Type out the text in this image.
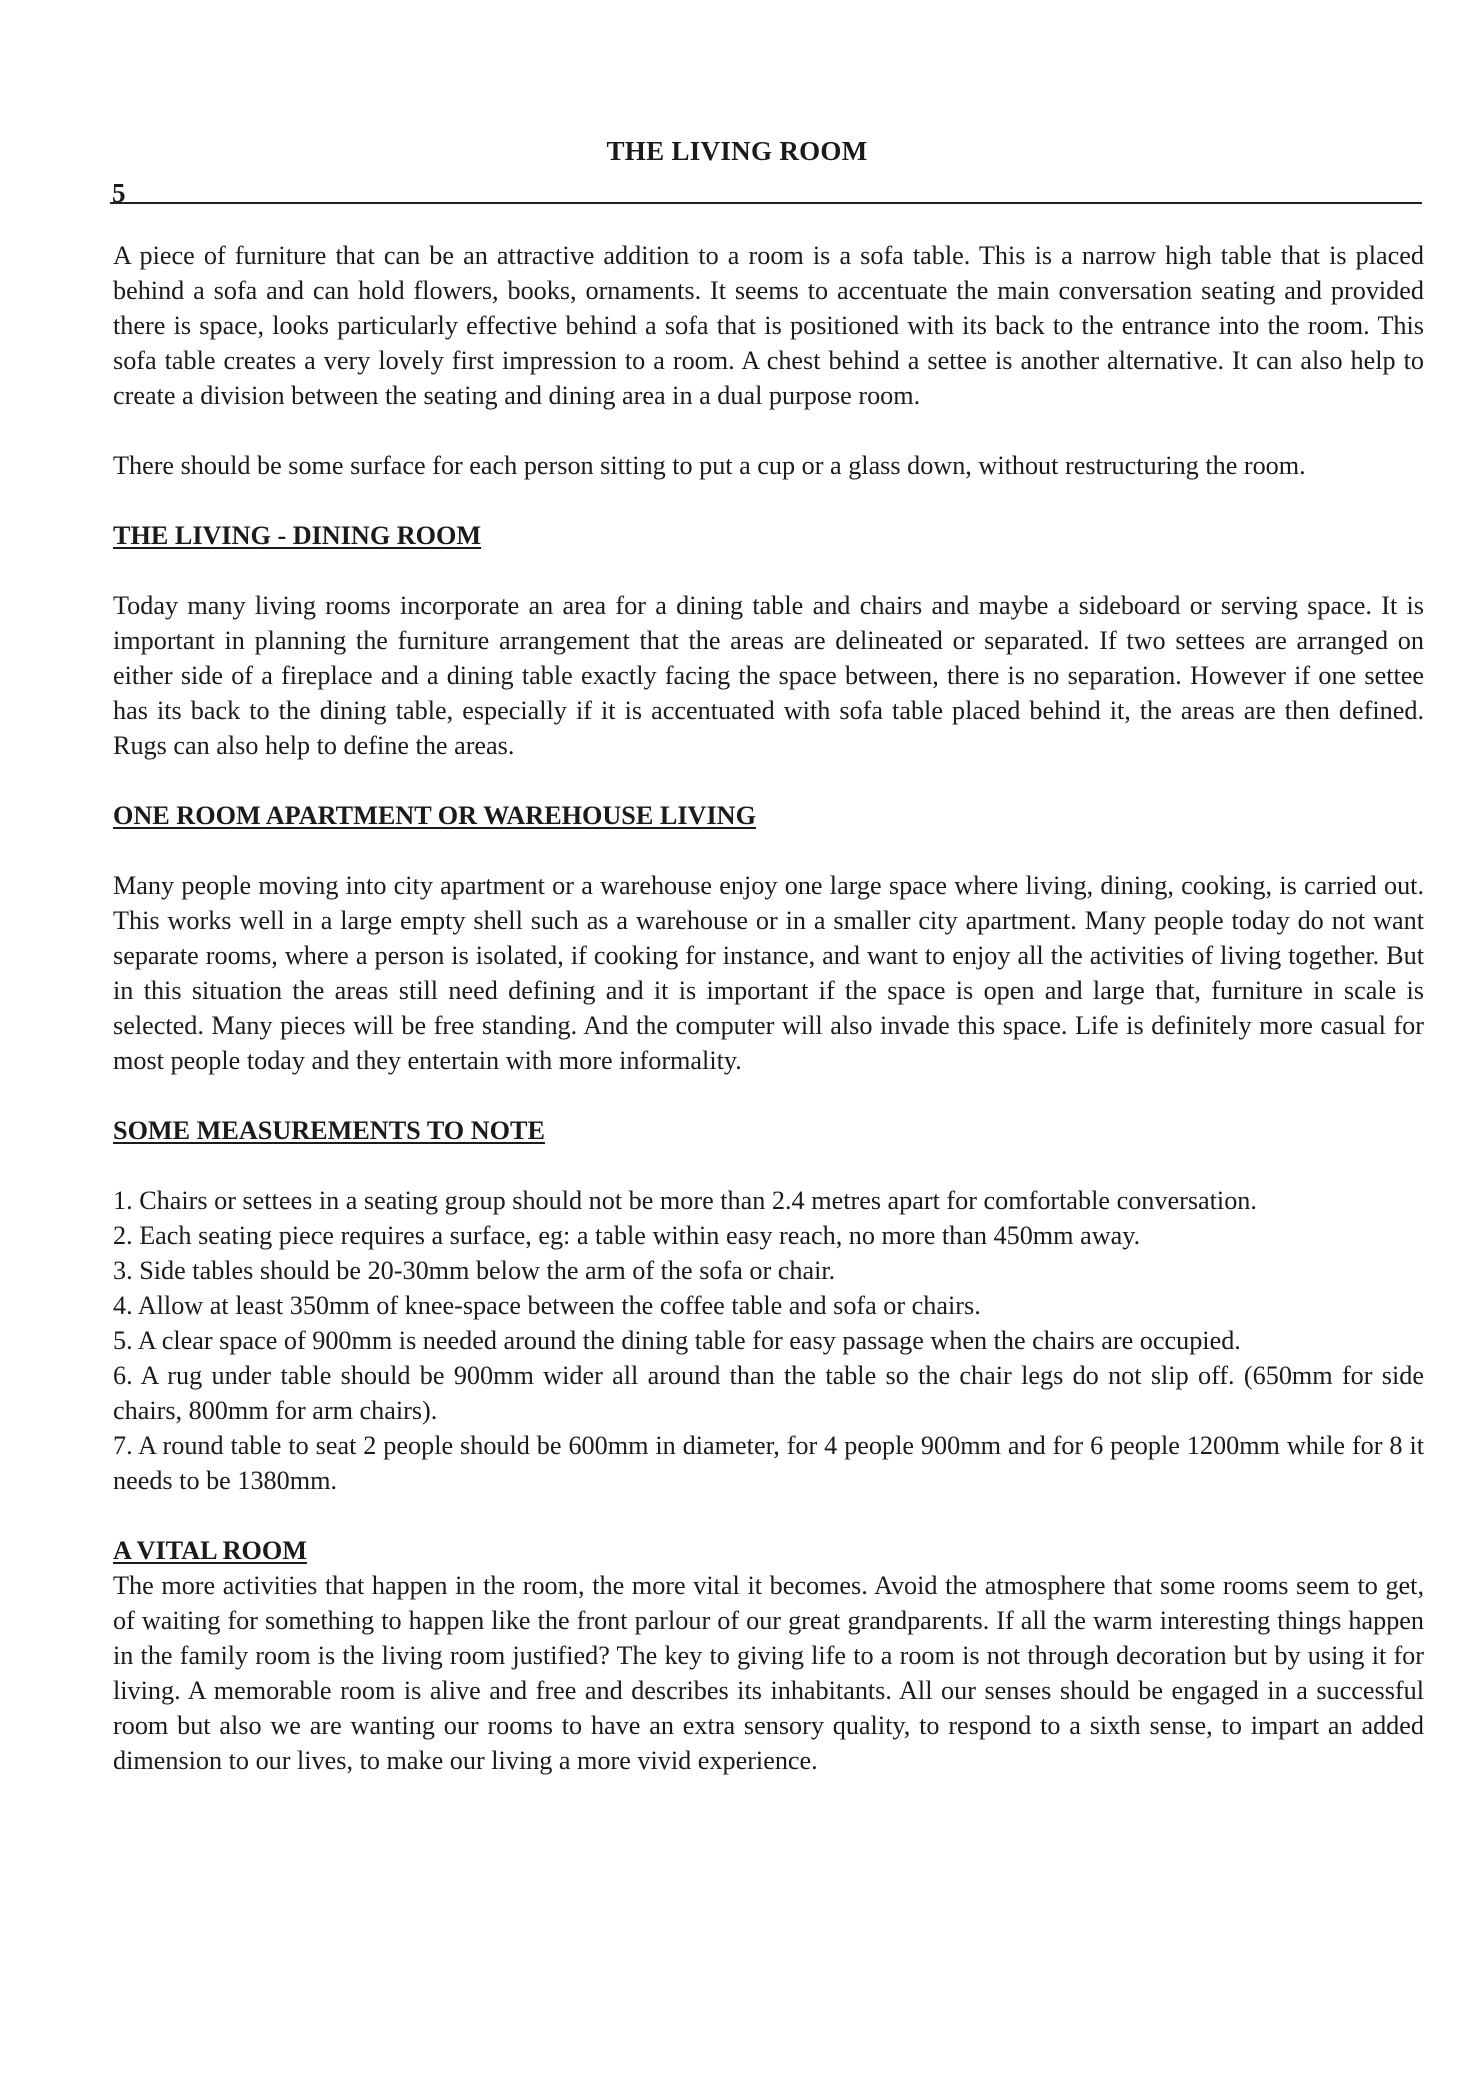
THE LIVING ROOM
5

A piece of furniture that can be an attractive addition to a room is a sofa table. This is a narrow high table that is placed behind a sofa and can hold flowers, books, ornaments. It seems to accentuate the main conversation seating and provided there is space, looks particularly effective behind a sofa that is positioned with its back to the entrance into the room. This sofa table creates a very lovely first impression to a room. A chest behind a settee is another alternative. It can also help to create a division between the seating and dining area in a dual purpose room.

There should be some surface for each person sitting to put a cup or a glass down, without restructuring the room.

THE LIVING - DINING ROOM

Today many living rooms incorporate an area for a dining table and chairs and maybe a sideboard or serving space. It is important in planning the furniture arrangement that the areas are delineated or separated. If two settees are arranged on either side of a fireplace and a dining table exactly facing the space between, there is no separation. However if one settee has its back to the dining table, especially if it is accentuated with sofa table placed behind it, the areas are then defined. Rugs can also help to define the areas.

ONE ROOM APARTMENT OR WAREHOUSE LIVING

Many people moving into city apartment or a warehouse enjoy one large space where living, dining, cooking, is carried out. This works well in a large empty shell such as a warehouse or in a smaller city apartment. Many people today do not want separate rooms, where a person is isolated, if cooking for instance, and want to enjoy all the activities of living together. But in this situation the areas still need defining and it is important if the space is open and large that, furniture in scale is selected. Many pieces will be free standing. And the computer will also invade this space. Life is definitely more casual for most people today and they entertain with more informality.

SOME MEASUREMENTS TO NOTE

1. Chairs or settees in a seating group should not be more than 2.4 metres apart for comfortable conversation.

2. Each seating piece requires a surface, eg: a table within easy reach, no more than 450mm away.

3. Side tables should be 20-30mm below the arm of the sofa or chair.

4. Allow at least 350mm of knee-space between the coffee table and sofa or chairs.

5. A clear space of 900mm is needed around the dining table for easy passage when the chairs are occupied.

6. A rug under table should be 900mm wider all around than the table so the chair legs do not slip off. (650mm for side chairs, 800mm for arm chairs).

7. A round table to seat 2 people should be 600mm in diameter, for 4 people 900mm and for 6 people 1200mm while for 8 it needs to be 1380mm.

A VITAL ROOM

The more activities that happen in the room, the more vital it becomes. Avoid the atmosphere that some rooms seem to get, of waiting for something to happen like the front parlour of our great grandparents. If all the warm interesting things happen in the family room is the living room justified? The key to giving life to a room is not through decoration but by using it for living. A memorable room is alive and free and describes its inhabitants. All our senses should be engaged in a successful room but also we are wanting our rooms to have an extra sensory quality, to respond to a sixth sense, to impart an added dimension to our lives, to make our living a more vivid experience.
